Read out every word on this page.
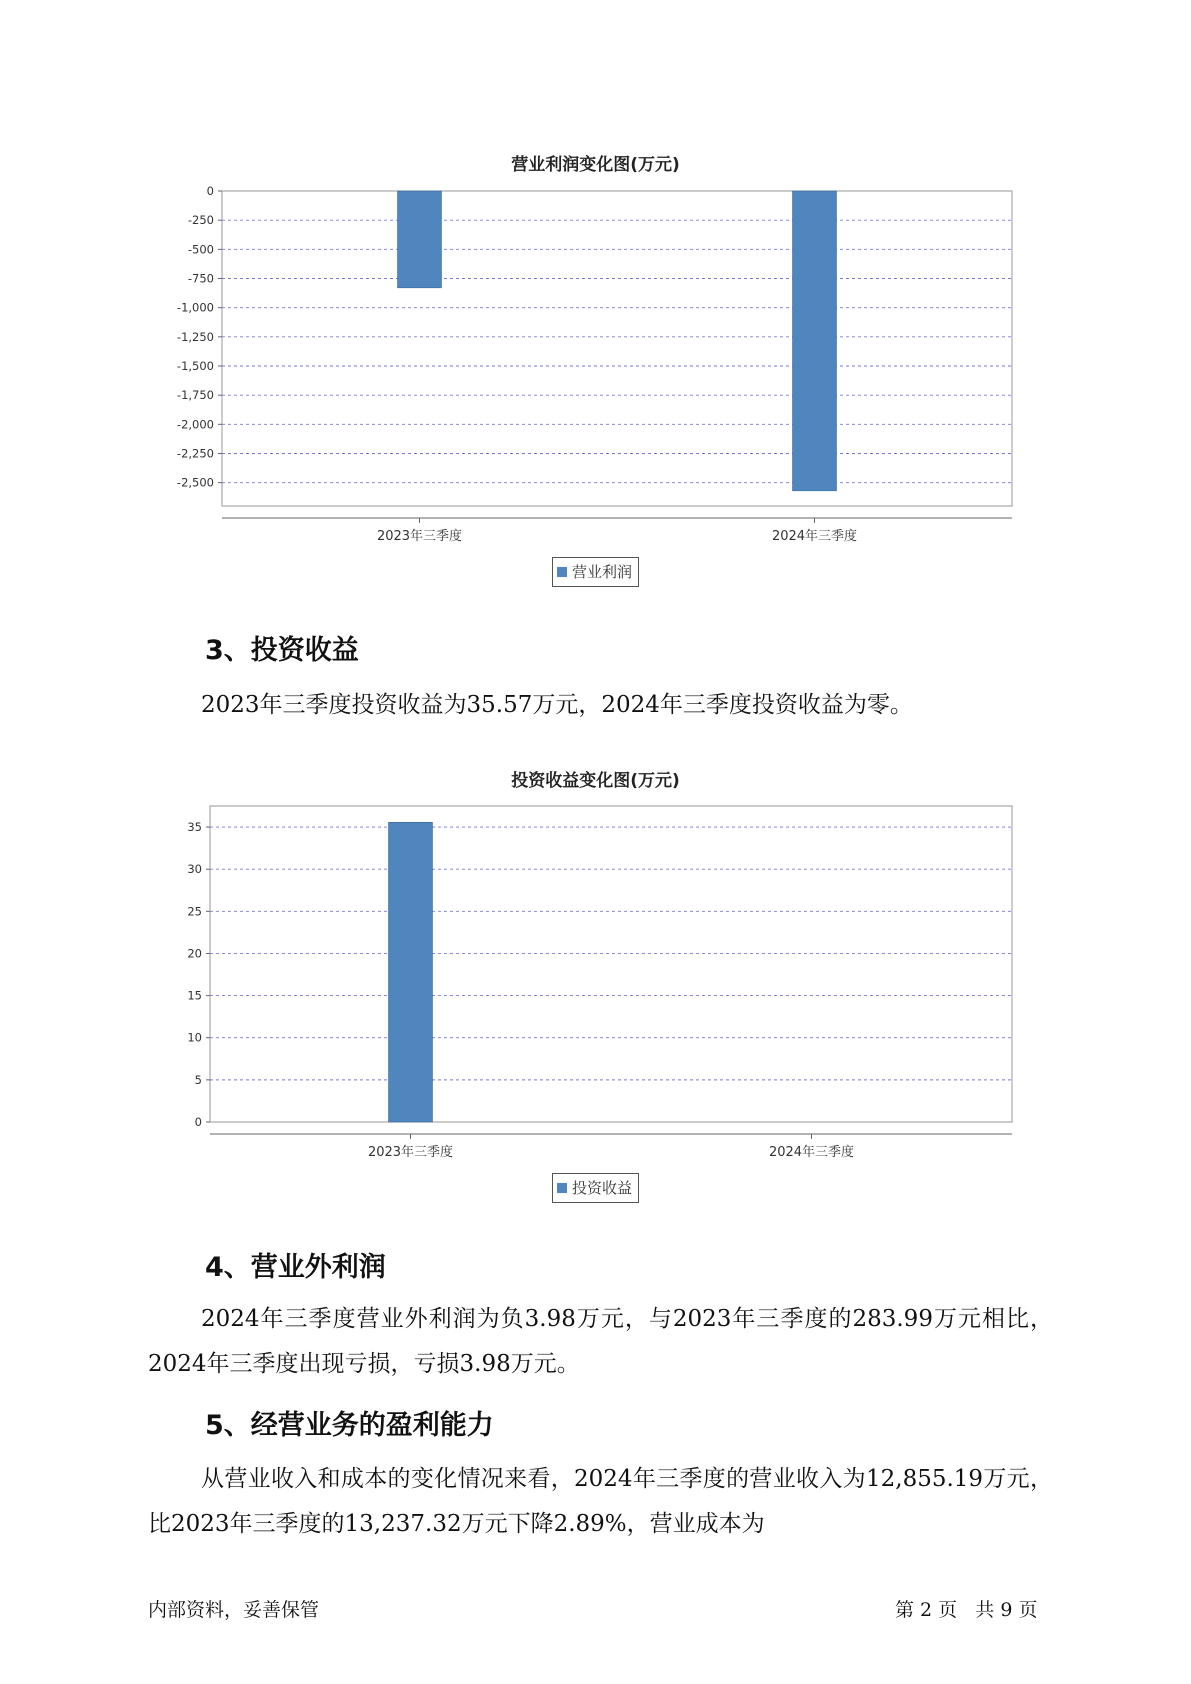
营业利润变化图(万元)
0
-250
-500
-750
-1,000
-1,250
-1,500
-1,750
-2,000
-2,250
-2,500
2023年三季度	2024年三季度
营业利润
3、投资收益

2023年三季度投资收益为35.57万元，2024年三季度投资收益为零。

投资收益变化图(万元)
0
5
10
15
20
25
30
35
2023年三季度	2024年三季度
投资收益
4、营业外利润

2024年三季度营业外利润为负3.98万元，与2023年三季度的283.99万元相比，2024年三季度出现亏损，亏损3.98万元。

5、经营业务的盈利能力

从营业收入和成本的变化情况来看，2024年三季度的营业收入为12,855.19万元，比2023年三季度的13,237.32万元下降2.89%，营业成本为

内部资料，妥善保管	第 2 页   共 9 页
